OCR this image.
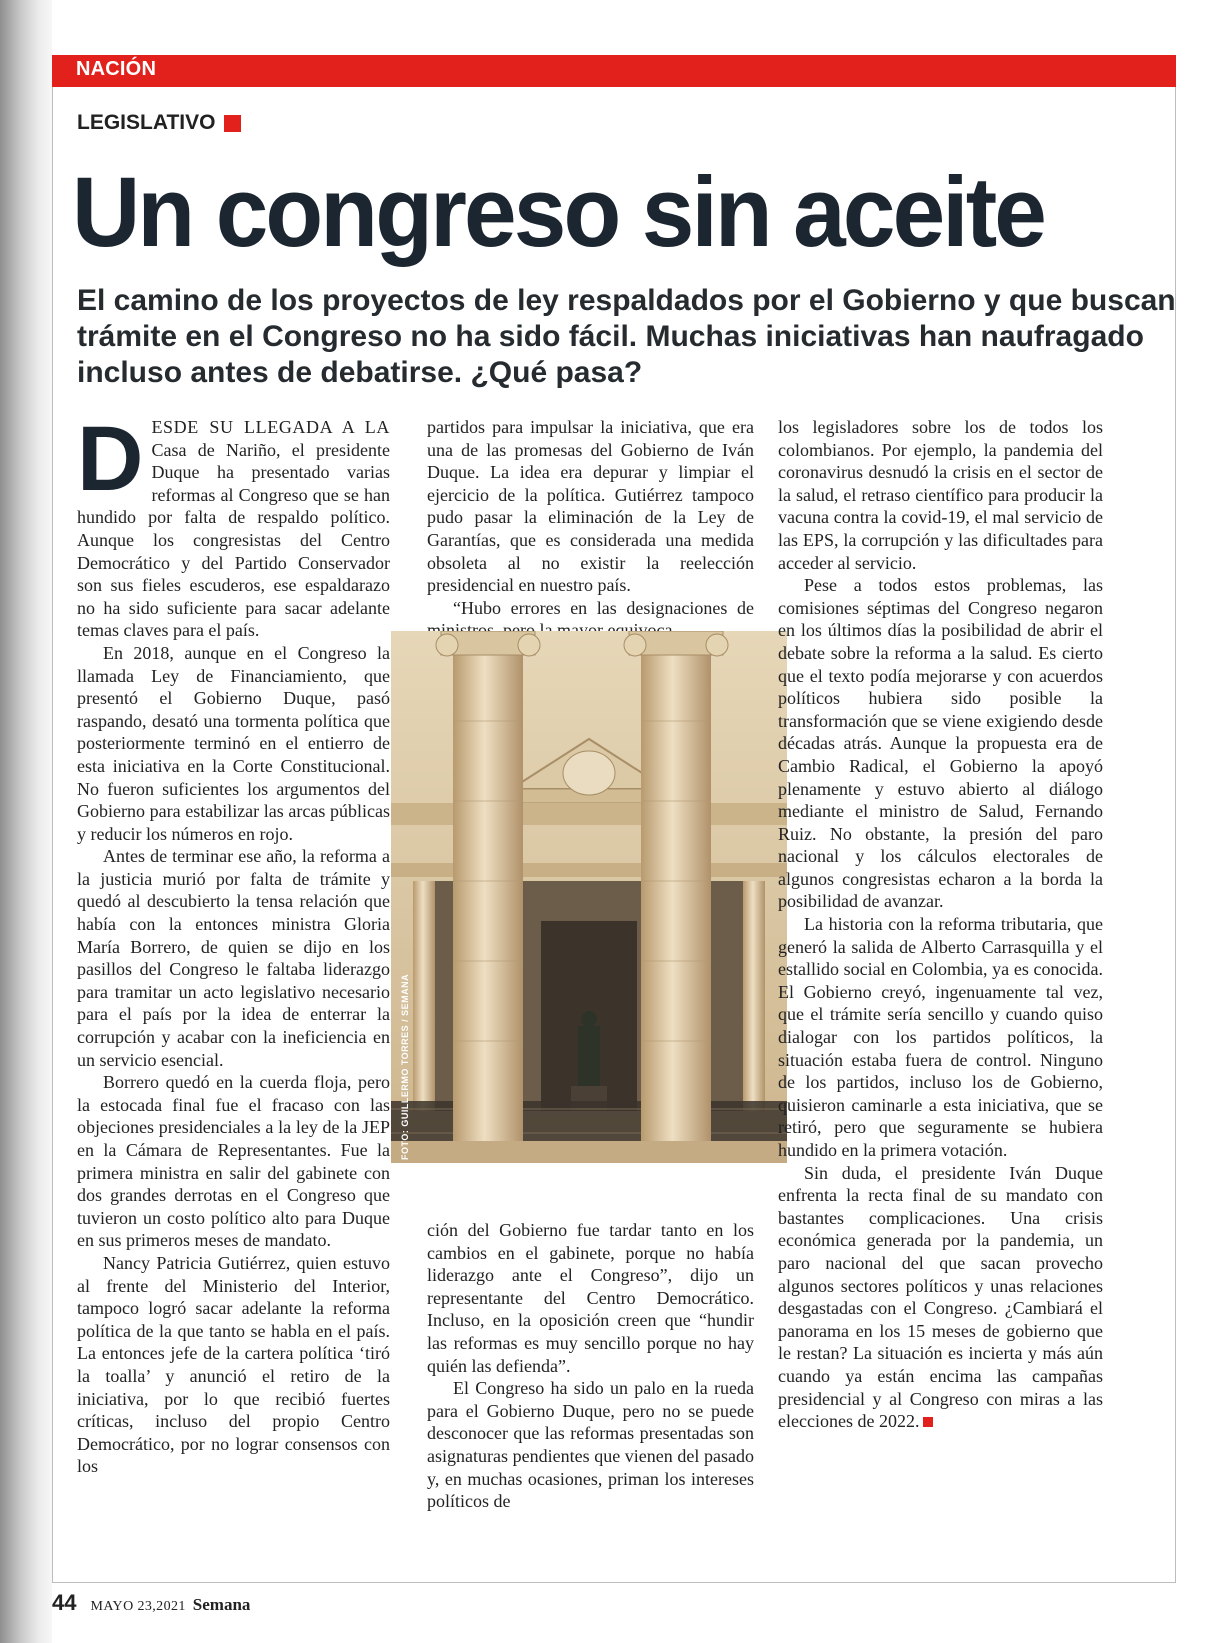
NACIÓN
LEGISLATIVO
Un congreso sin aceite
El camino de los proyectos de ley respaldados por el Gobierno y que buscan trámite en el Congreso no ha sido fácil. Muchas iniciativas han naufragado incluso antes de debatirse. ¿Qué pasa?

DESDE SU LLEGADA A LA Casa de Nariño, el presidente Duque ha presentado varias reformas al Congreso que se han hundido por falta de respaldo político. Aunque los congresistas del Centro Democrático y del Partido Conservador son sus fieles escuderos, ese espaldarazo no ha sido suficiente para sacar adelante temas claves para el país.

En 2018, aunque en el Congreso la llamada Ley de Financiamiento, que presentó el Gobierno Duque, pasó raspando, desató una tormenta política que posteriormente terminó en el entierro de esta iniciativa en la Corte Constitucional. No fueron suficientes los argumentos del Gobierno para estabilizar las arcas públicas y reducir los números en rojo.

Antes de terminar ese año, la reforma a la justicia murió por falta de trámite y quedó al descubierto la tensa relación que había con la entonces ministra Gloria María Borrero, de quien se dijo en los pasillos del Congreso le faltaba liderazgo para tramitar un acto legislativo necesario para el país por la idea de enterrar la corrupción y acabar con la ineficiencia en un servicio esencial.

Borrero quedó en la cuerda floja, pero la estocada final fue el fracaso con las objeciones presidenciales a la ley de la JEP en la Cámara de Representantes. Fue la primera ministra en salir del gabinete con dos grandes derrotas en el Congreso que tuvieron un costo político alto para Duque en sus primeros meses de mandato.

Nancy Patricia Gutiérrez, quien estuvo al frente del Ministerio del Interior, tampoco logró sacar adelante la reforma política de la que tanto se habla en el país. La entonces jefe de la cartera política ‘tiró la toalla’ y anunció el retiro de la iniciativa, por lo que recibió fuertes críticas, incluso del propio Centro Democrático, por no lograr consensos con los

partidos para impulsar la iniciativa, que era una de las promesas del Gobierno de Iván Duque. La idea era depurar y limpiar el ejercicio de la política. Gutiérrez tampoco pudo pasar la eliminación de la Ley de Garantías, que es considerada una medida obsoleta al no existir la reelección presidencial en nuestro país.

“Hubo errores en las designaciones de

FOTO: GUILLERMO TORRES / SEMANA

ción del Gobierno fue tardar tanto en los cambios en el gabinete, porque no había liderazgo ante el Congreso”, dijo un representante del Centro Democrático. Incluso, en la oposición creen que “hundir las reformas es muy sencillo porque no hay quién las defienda”.

El Congreso ha sido un palo en la rueda para el Gobierno Duque, pero no se puede desconocer que las reformas presentadas son asignaturas pendientes que vienen del pasado y, en muchas ocasiones, priman los intereses políticos de

los legisladores sobre los de todos los colombianos. Por ejemplo, la pandemia del coronavirus desnudó la crisis en el sector de la salud, el retraso científico para producir la vacuna contra la covid-19, el mal servicio de las EPS, la corrupción y las dificultades para acceder al servicio.

Pese a todos estos problemas, las comisiones séptimas del Congreso negaron en los últimos días la posibilidad de abrir el debate sobre la reforma a la salud. Es cierto que el texto podía mejorarse y con acuerdos políticos hubiera sido posible la transformación que se viene exigiendo desde décadas atrás. Aunque la propuesta era de Cambio Radical, el Gobierno la apoyó plenamente y estuvo abierto al diálogo mediante el ministro de Salud, Fernando Ruiz. No obstante, la presión del paro nacional y los cálculos electorales de algunos congresistas echaron a la borda la posibilidad de avanzar.

La historia con la reforma tributaria, que generó la salida de Alberto Carrasquilla y el estallido social en Colombia, ya es conocida. El Gobierno creyó, ingenuamente tal vez, que el trámite sería sencillo y cuando quiso dialogar con los partidos políticos, la situación estaba fuera de control. Ninguno de los partidos, incluso los de Gobierno, quisieron caminarle a esta iniciativa, que se retiró, pero que seguramente se hubiera hundido en la primera votación.

Sin duda, el presidente Iván Duque enfrenta la recta final de su mandato con bastantes complicaciones. Una crisis económica generada por la pandemia, un paro nacional del que sacan provecho algunos sectores políticos y unas relaciones desgastadas con el Congreso. ¿Cambiará el panorama en los 15 meses de gobierno que le restan? La situación es incierta y más aún cuando ya están encima las campañas presidencial y al Congreso con miras a las elecciones de 2022.

44 MAYO 23,2021 Semana
